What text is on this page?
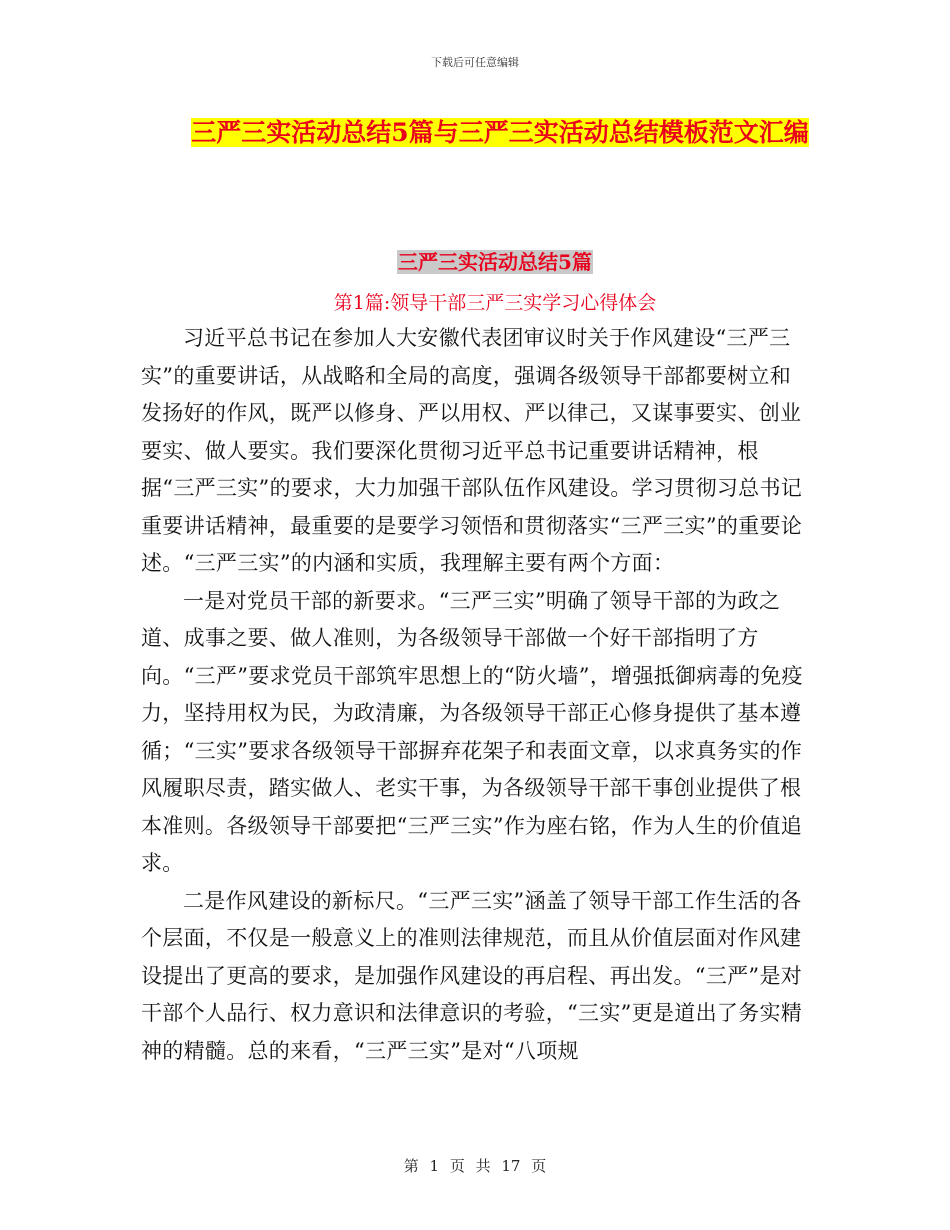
下载后可任意编辑
三严三实活动总结5篇与三严三实活动总结模板范文汇编
三严三实活动总结5篇
第1篇:领导干部三严三实学习心得体会

习近平总书记在参加人大安徽代表团审议时关于作风建设“三严三实”的重要讲话，从战略和全局的高度，强调各级领导干部都要树立和发扬好的作风，既严以修身、严以用权、严以律己，又谋事要实、创业要实、做人要实。我们要深化贯彻习近平总书记重要讲话精神，根据“三严三实”的要求，大力加强干部队伍作风建设。学习贯彻习总书记重要讲话精神，最重要的是要学习领悟和贯彻落实“三严三实”的重要论述。“三严三实”的内涵和实质，我理解主要有两个方面：

一是对党员干部的新要求。“三严三实”明确了领导干部的为政之道、成事之要、做人准则，为各级领导干部做一个好干部指明了方向。“三严”要求党员干部筑牢思想上的“防火墙”，增强抵御病毒的免疫力，坚持用权为民，为政清廉，为各级领导干部正心修身提供了基本遵循；“三实”要求各级领导干部摒弃花架子和表面文章，以求真务实的作风履职尽责，踏实做人、老实干事，为各级领导干部干事创业提供了根本准则。各级领导干部要把“三严三实”作为座右铭，作为人生的价值追求。

二是作风建设的新标尺。“三严三实”涵盖了领导干部工作生活的各个层面，不仅是一般意义上的准则法律规范，而且从价值层面对作风建设提出了更高的要求，是加强作风建设的再启程、再出发。“三严”是对干部个人品行、权力意识和法律意识的考验，“三实”更是道出了务实精神的精髓。总的来看，“三严三实”是对“八项规

第 1 页 共 17 页
